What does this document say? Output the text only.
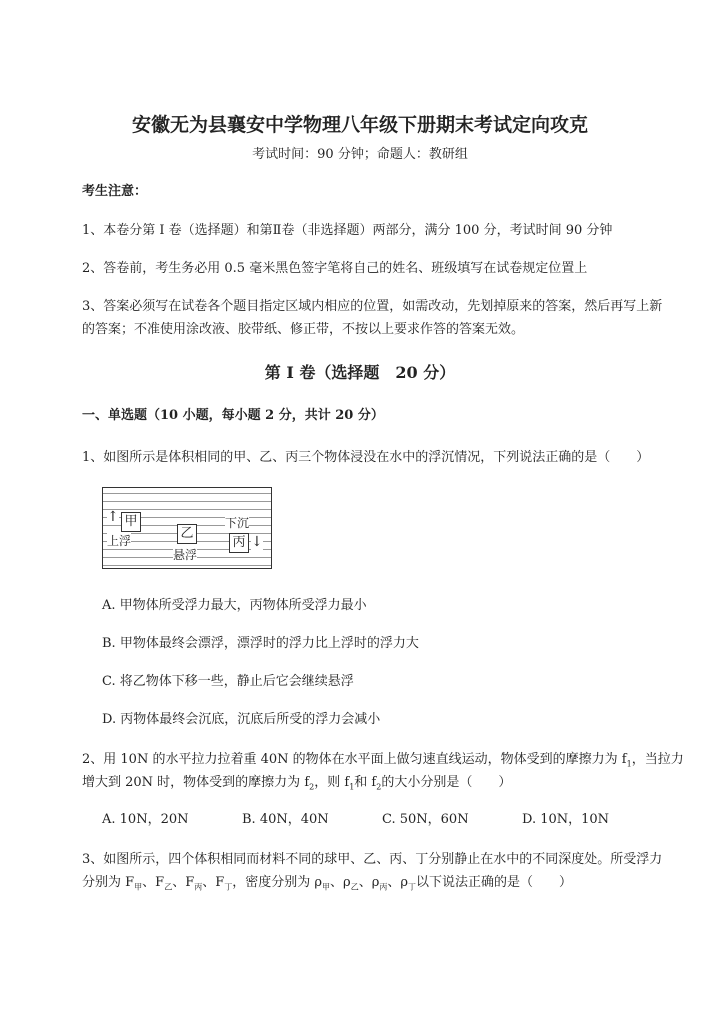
安徽无为县襄安中学物理八年级下册期末考试定向攻克
考试时间：90 分钟；命题人：教研组
考生注意：
1、本卷分第 I 卷（选择题）和第Ⅱ卷（非选择题）两部分，满分 100 分，考试时间 90 分钟
2、答卷前，考生务必用 0.5 毫米黑色签字笔将自己的姓名、班级填写在试卷规定位置上
3、答案必须写在试卷各个题目指定区域内相应的位置，如需改动，先划掉原来的答案，然后再写上新
的答案；不准使用涂改液、胶带纸、修正带，不按以上要求作答的答案无效。
第 I 卷（选择题　20 分）
一、单选题（10 小题，每小题 2 分，共计 20 分）
1、如图所示是体积相同的甲、乙、丙三个物体浸没在水中的浮沉情况，下列说法正确的是（　　）
甲
上浮
↑
乙
悬浮
下沉
丙 ↓
A. 甲物体所受浮力最大，丙物体所受浮力最小
B. 甲物体最终会漂浮，漂浮时的浮力比上浮时的浮力大
C. 将乙物体下移一些，静止后它会继续悬浮
D. 丙物体最终会沉底，沉底后所受的浮力会减小
2、用 10N 的水平拉力拉着重 40N 的物体在水平面上做匀速直线运动，物体受到的摩擦力为 $f_1$，当拉力
增大到 20N 时，物体受到的摩擦力为 $f_2$，则 $f_1$和 $f_2$的大小分别是（　　）
A. 10N，20N	B. 40N，40N	C. 50N，60N	D. 10N，10N
3、如图所示，四个体积相同而材料不同的球甲、乙、丙、丁分别静止在水中的不同深度处。所受浮力
分别为 $F_甲$、$F_乙$、$F_丙$、$F_丁$，密度分别为 $\rho_甲$、$\rho_乙$、$\rho_丙$、$\rho_丁$以下说法正确的是（　　）
